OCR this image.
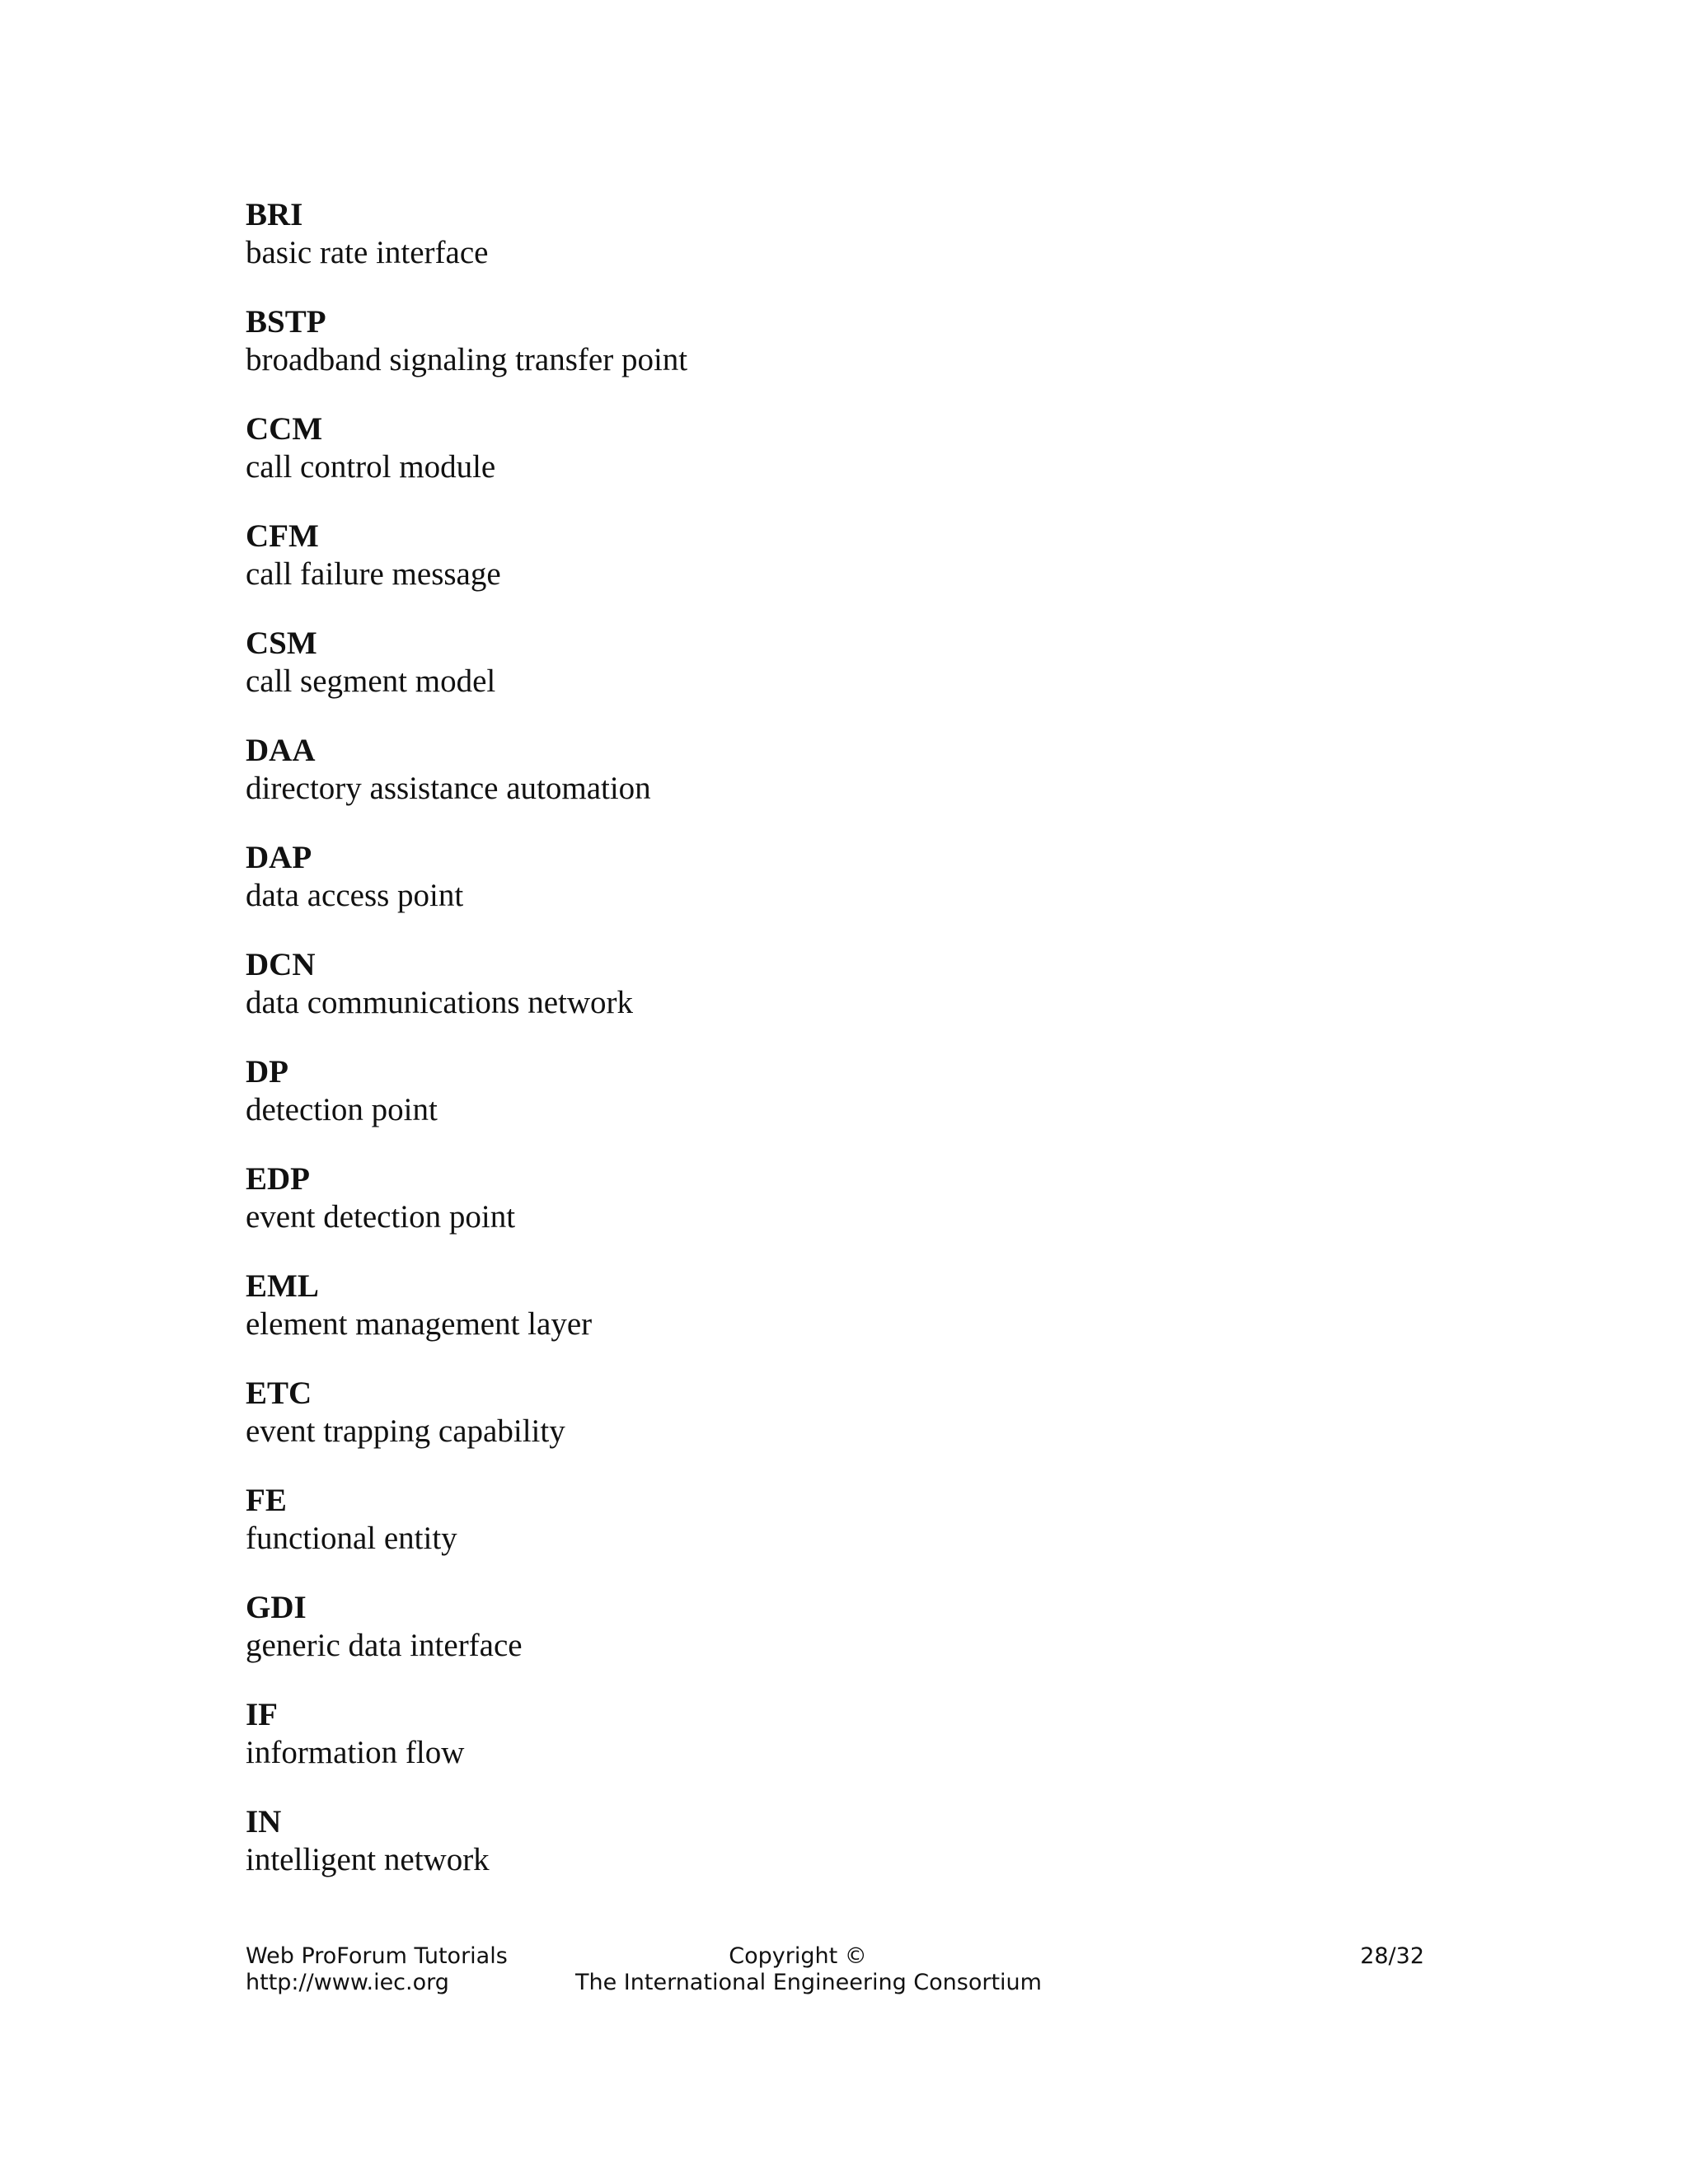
BRI
basic rate interface
BSTP
broadband signaling transfer point
CCM
call control module
CFM
call failure message
CSM
call segment model
DAA
directory assistance automation
DAP
data access point
DCN
data communications network
DP
detection point
EDP
event detection point
EML
element management layer
ETC
event trapping capability
FE
functional entity
GDI
generic data interface
IF
information flow
IN
intelligent network
Web ProForum Tutorials
http://www.iec.org
Copyright ©
The International Engineering Consortium
28/32
